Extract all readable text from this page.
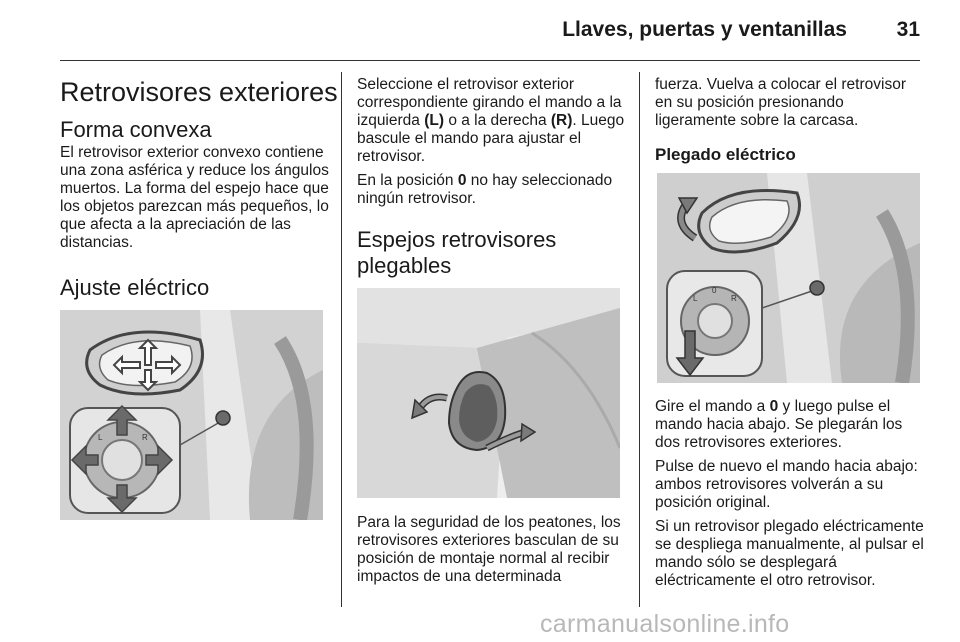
Llaves, puertas y ventanillas 31
Retrovisores exteriores
Forma convexa

El retrovisor exterior convexo contiene una zona asférica y reduce los ángulos muertos. La forma del espejo hace que los objetos parezcan más pequeños, lo que afecta a la apreciación de las distancias.

Ajuste eléctrico
L	R

Seleccione el retrovisor exterior correspondiente girando el mando a la izquierda (L) o a la derecha (R). Luego bascule el mando para ajustar el retrovisor.

En la posición 0 no hay seleccionado ningún retrovisor.

Espejos retrovisores plegables

Para la seguridad de los peatones, los retrovisores exteriores basculan de su posición de montaje normal al recibir impactos de una determinada

fuerza. Vuelva a colocar el retrovisor en su posición presionando ligeramente sobre la carcasa.

Plegado eléctrico
L
0
R

Gire el mando a 0 y luego pulse el mando hacia abajo. Se plegarán los dos retrovisores exteriores.

Pulse de nuevo el mando hacia abajo: ambos retrovisores volverán a su posición original.

Si un retrovisor plegado eléctricamente se despliega manualmente, al pulsar el mando sólo se desplegará eléctricamente el otro retrovisor.

carmanualsonline.info
